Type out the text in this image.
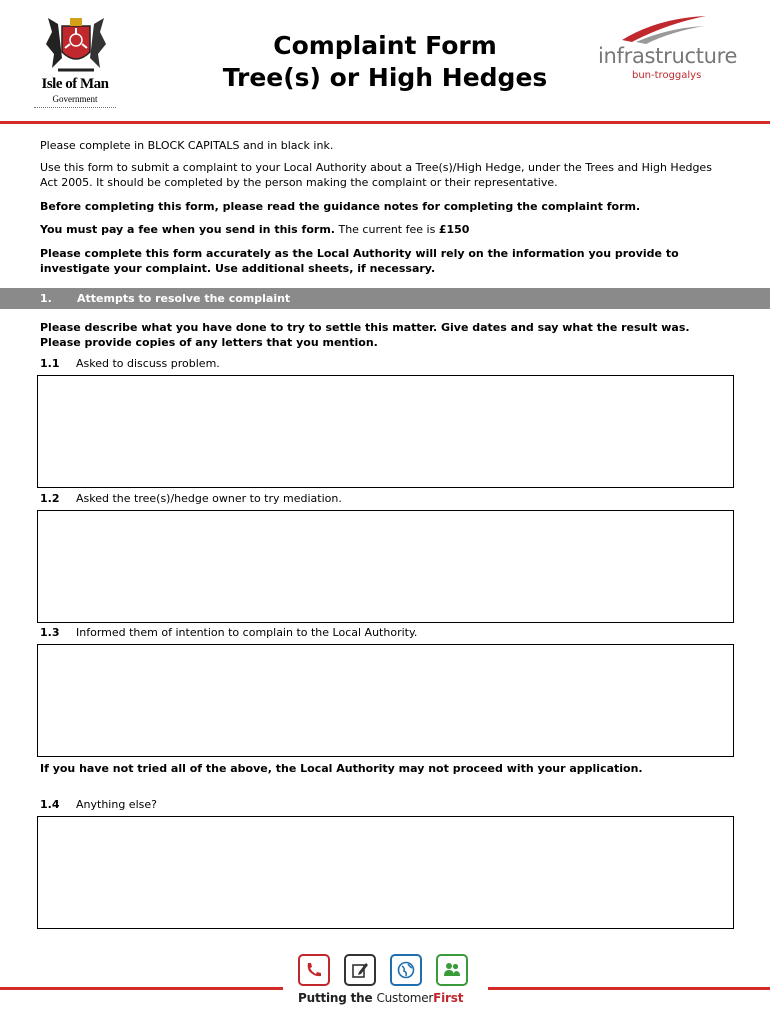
Isle of Man
Government
Complaint Form
Tree(s) or High Hedges
infrastructure
bun-troggalys
Please complete in BLOCK CAPITALS and in black ink.
Use this form to submit a complaint to your Local Authority about a Tree(s)/High Hedge, under the Trees and High Hedges Act 2005. It should be completed by the person making the complaint or their representative.
Before completing this form, please read the guidance notes for completing the complaint form.
You must pay a fee when you send in this form. The current fee is £150
Please complete this form accurately as the Local Authority will rely on the information you provide to investigate your complaint. Use additional sheets, if necessary.
1. Attempts to resolve the complaint
Please describe what you have done to try to settle this matter. Give dates and say what the result was. Please provide copies of any letters that you mention.
1.1 Asked to discuss problem.
1.2 Asked the tree(s)/hedge owner to try mediation.
1.3 Informed them of intention to complain to the Local Authority.
If you have not tried all of the above, the Local Authority may not proceed with your application.
1.4 Anything else?
Putting the CustomerFirst
